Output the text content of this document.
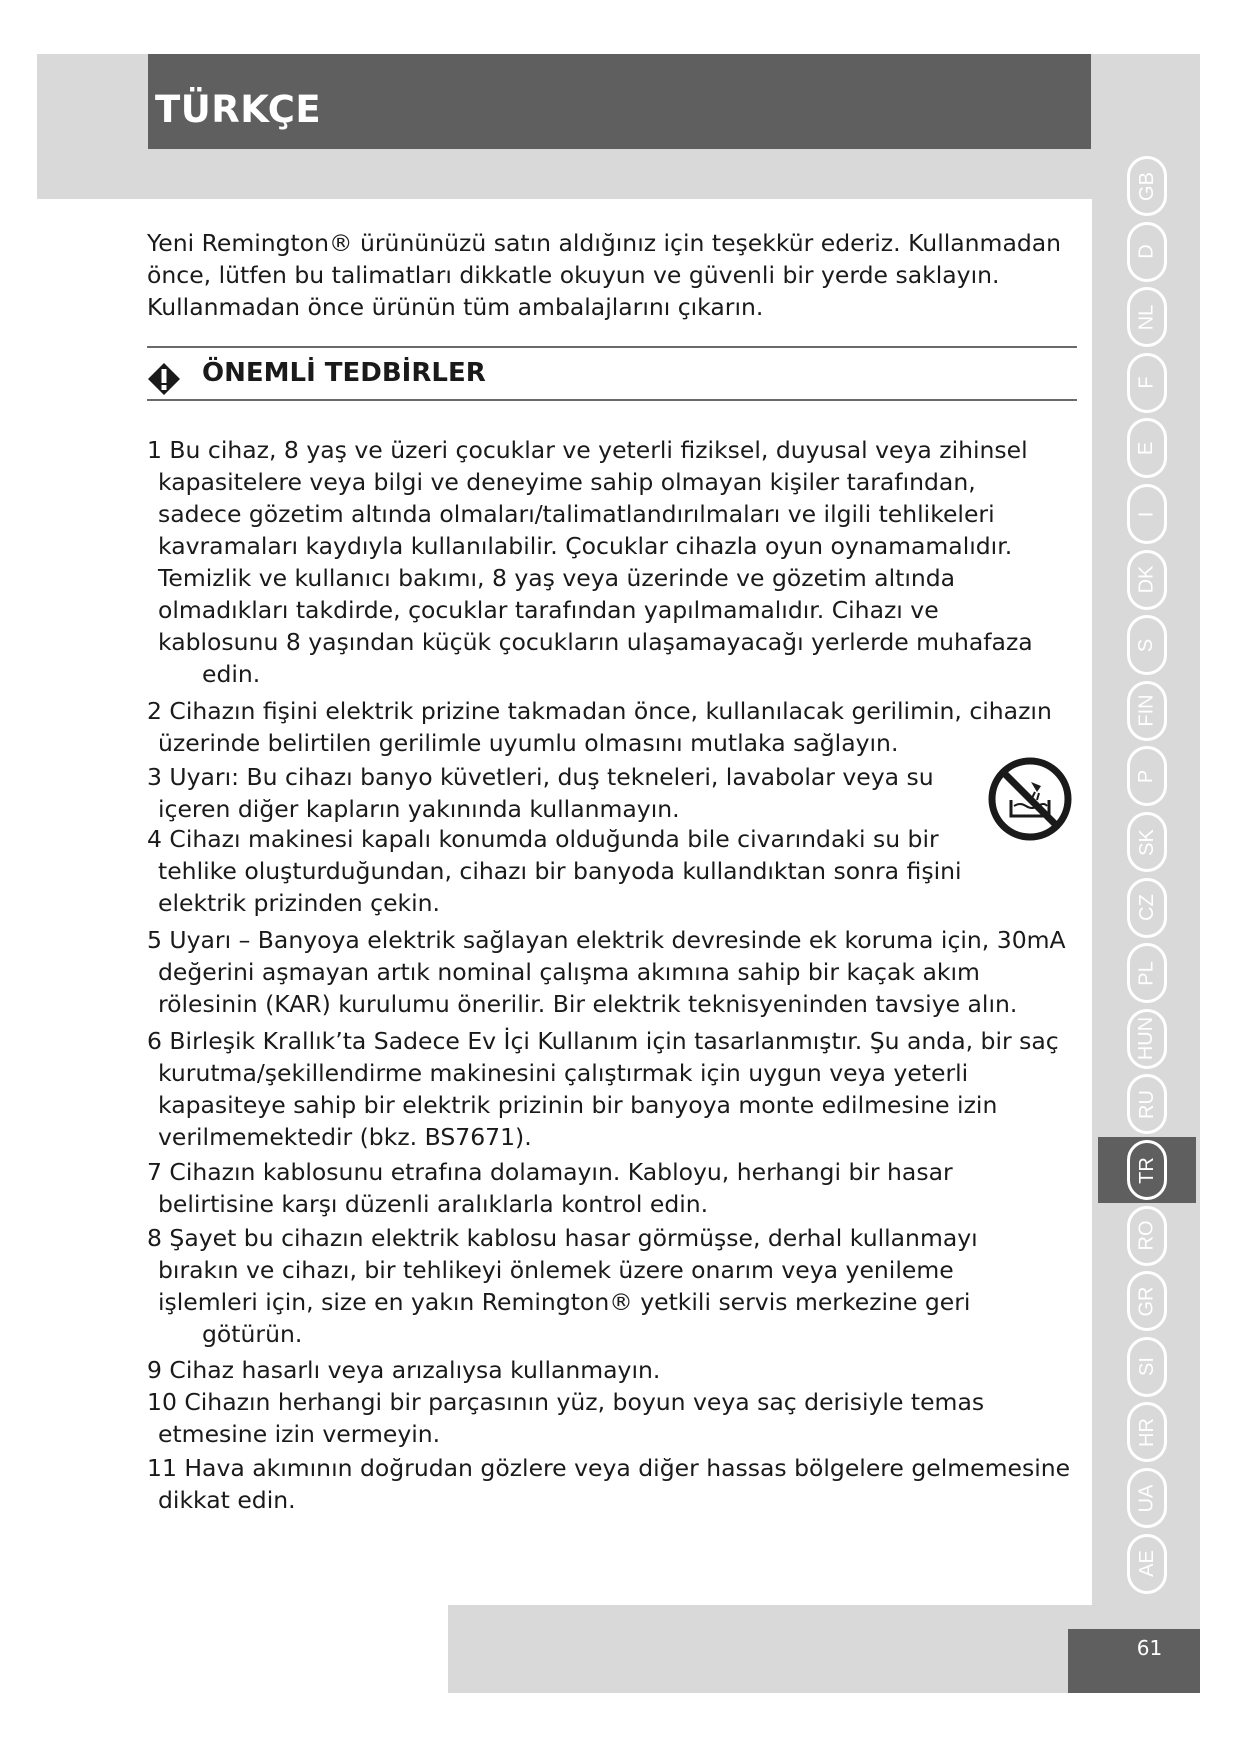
TÜRKÇE
61
Yeni Remington® ürününüzü satın aldığınız için teşekkür ederiz. Kullanmadan
önce, lütfen bu talimatları dikkatle okuyun ve güvenli bir yerde saklayın.
Kullanmadan önce ürünün tüm ambalajlarını çıkarın.
ÖNEMLİ TEDBİRLER
1 Bu cihaz, 8 yaş ve üzeri çocuklar ve yeterli fiziksel, duyusal veya zihinsel
kapasitelere veya bilgi ve deneyime sahip olmayan kişiler tarafından,
sadece gözetim altında olmaları/talimatlandırılmaları ve ilgili tehlikeleri
kavramaları kaydıyla kullanılabilir. Çocuklar cihazla oyun oynamamalıdır.
Temizlik ve kullanıcı bakımı, 8 yaş veya üzerinde ve gözetim altında
olmadıkları takdirde, çocuklar tarafından yapılmamalıdır. Cihazı ve
kablosunu 8 yaşından küçük çocukların ulaşamayacağı yerlerde muhafaza
edin.
2 Cihazın fişini elektrik prizine takmadan önce, kullanılacak gerilimin, cihazın
üzerinde belirtilen gerilimle uyumlu olmasını mutlaka sağlayın.
3 Uyarı: Bu cihazı banyo küvetleri, duş tekneleri, lavabolar veya su
içeren diğer kapların yakınında kullanmayın.
4 Cihazı makinesi kapalı konumda olduğunda bile civarındaki su bir
tehlike oluşturduğundan, cihazı bir banyoda kullandıktan sonra fişini
elektrik prizinden çekin.
5 Uyarı – Banyoya elektrik sağlayan elektrik devresinde ek koruma için, 30mA
değerini aşmayan artık nominal çalışma akımına sahip bir kaçak akım
rölesinin (KAR) kurulumu önerilir. Bir elektrik teknisyeninden tavsiye alın.
6 Birleşik Krallık’ta Sadece Ev İçi Kullanım için tasarlanmıştır. Şu anda, bir saç
kurutma/şekillendirme makinesini çalıştırmak için uygun veya yeterli
kapasiteye sahip bir elektrik prizinin bir banyoya monte edilmesine izin
verilmemektedir (bkz. BS7671).
7 Cihazın kablosunu etrafına dolamayın. Kabloyu, herhangi bir hasar
belirtisine karşı düzenli aralıklarla kontrol edin.
8 Şayet bu cihazın elektrik kablosu hasar görmüşse, derhal kullanmayı
bırakın ve cihazı, bir tehlikeyi önlemek üzere onarım veya yenileme
işlemleri için, size en yakın Remington® yetkili servis merkezine geri
götürün.
9 Cihaz hasarlı veya arızalıysa kullanmayın.
10 Cihazın herhangi bir parçasının yüz, boyun veya saç derisiyle temas
etmesine izin vermeyin.
11 Hava akımının doğrudan gözlere veya diğer hassas bölgelere gelmemesine
dikkat edin.
GB
D
NL
F
E
I
DK
S
FIN
P
SK
CZ
PL
HUN
RU
TR
RO
GR
SI
HR
UA
AE
